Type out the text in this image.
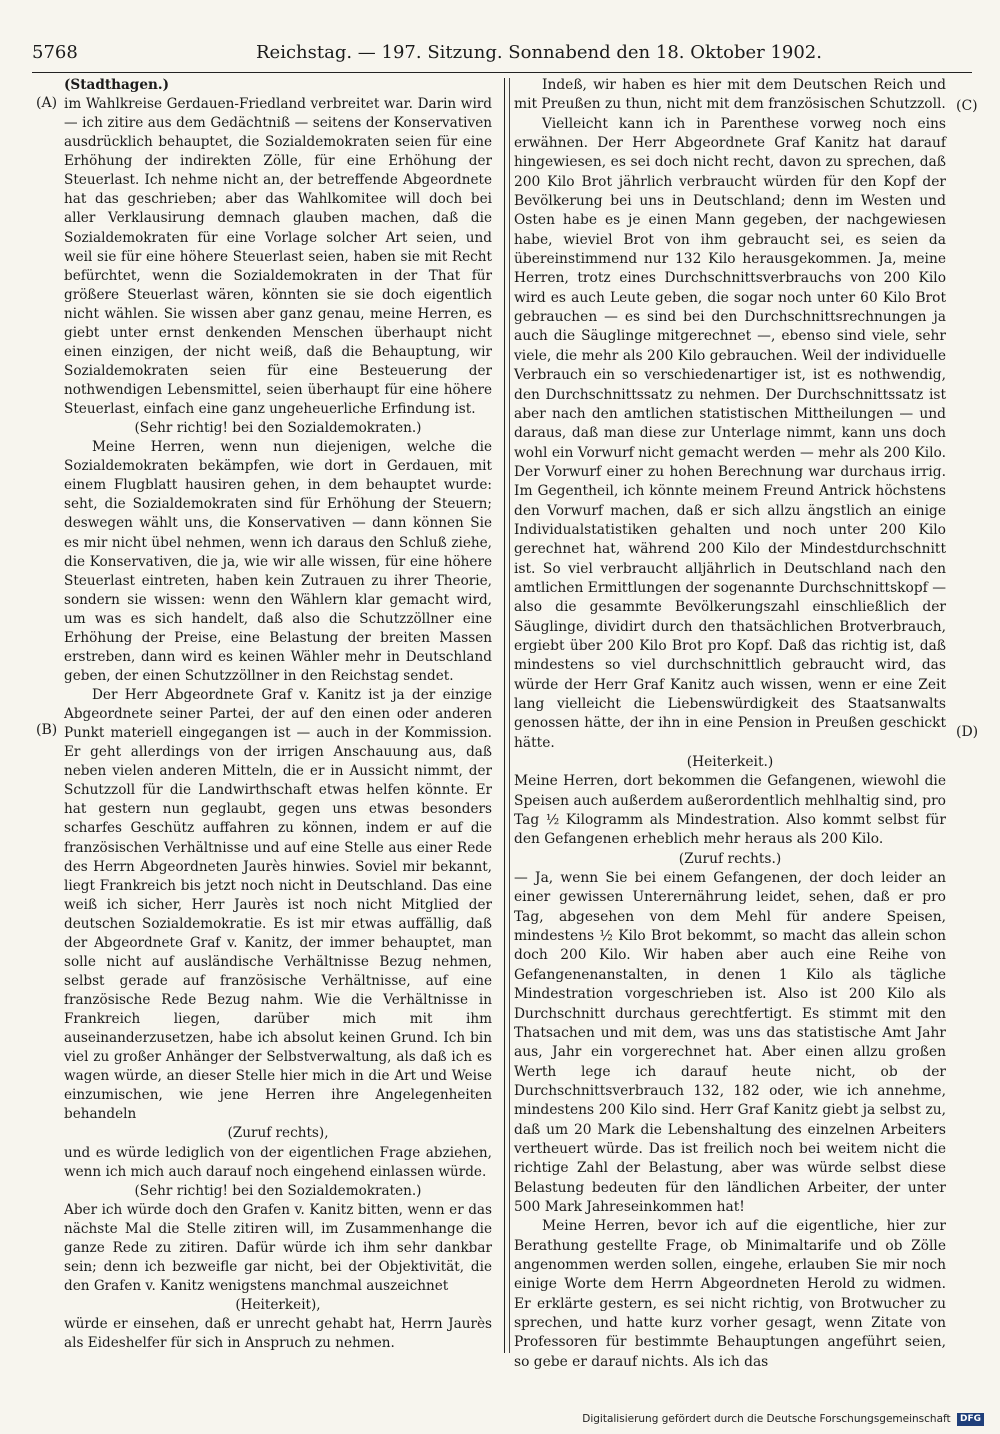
5768	Reichstag. — 197. Sitzung. Sonnabend den 18. Oktober 1902.
(A)
(B)
(C)
(D)

(Stadthagen.)

im Wahlkreise Gerdauen-Friedland verbreitet war. Darin wird — ich zitire aus dem Gedächtniß — seitens der Konservativen ausdrücklich behauptet, die Sozialdemokraten seien für eine Erhöhung der indirekten Zölle, für eine Erhöhung der Steuerlast. Ich nehme nicht an, der betreffende Abgeordnete hat das geschrieben; aber das Wahlkomitee will doch bei aller Verklausirung demnach glauben machen, daß die Sozialdemokraten für eine Vorlage solcher Art seien, und weil sie für eine höhere Steuerlast seien, haben sie mit Recht befürchtet, wenn die Sozialdemokraten in der That für größere Steuerlast wären, könnten sie sie doch eigentlich nicht wählen. Sie wissen aber ganz genau, meine Herren, es giebt unter ernst denkenden Menschen überhaupt nicht einen einzigen, der nicht weiß, daß die Behauptung, wir Sozialdemokraten seien für eine Besteuerung der nothwendigen Lebensmittel, seien überhaupt für eine höhere Steuerlast, einfach eine ganz ungeheuerliche Erfindung ist.

(Sehr richtig! bei den Sozialdemokraten.)

Meine Herren, wenn nun diejenigen, welche die Sozialdemokraten bekämpfen, wie dort in Gerdauen, mit einem Flugblatt hausiren gehen, in dem behauptet wurde: seht, die Sozialdemokraten sind für Erhöhung der Steuern; deswegen wählt uns, die Konservativen — dann können Sie es mir nicht übel nehmen, wenn ich daraus den Schluß ziehe, die Konservativen, die ja, wie wir alle wissen, für eine höhere Steuerlast eintreten, haben kein Zutrauen zu ihrer Theorie, sondern sie wissen: wenn den Wählern klar gemacht wird, um was es sich handelt, daß also die Schutzzöllner eine Erhöhung der Preise, eine Belastung der breiten Massen erstreben, dann wird es keinen Wähler mehr in Deutschland geben, der einen Schutzzöllner in den Reichstag sendet.

Der Herr Abgeordnete Graf v. Kanitz ist ja der einzige Abgeordnete seiner Partei, der auf den einen oder anderen Punkt materiell eingegangen ist — auch in der Kommission. Er geht allerdings von der irrigen Anschauung aus, daß neben vielen anderen Mitteln, die er in Aussicht nimmt, der Schutzzoll für die Landwirthschaft etwas helfen könnte. Er hat gestern nun geglaubt, gegen uns etwas besonders scharfes Geschütz auffahren zu können, indem er auf die französischen Verhältnisse und auf eine Stelle aus einer Rede des Herrn Abgeordneten Jaurès hinwies. Soviel mir bekannt, liegt Frankreich bis jetzt noch nicht in Deutschland. Das eine weiß ich sicher, Herr Jaurès ist noch nicht Mitglied der deutschen Sozialdemokratie. Es ist mir etwas auffällig, daß der Abgeordnete Graf v. Kanitz, der immer behauptet, man solle nicht auf ausländische Verhältnisse Bezug nehmen, selbst gerade auf französische Verhältnisse, auf eine französische Rede Bezug nahm. Wie die Verhältnisse in Frankreich liegen, darüber mich mit ihm auseinanderzusetzen, habe ich absolut keinen Grund. Ich bin viel zu großer Anhänger der Selbstverwaltung, als daß ich es wagen würde, an dieser Stelle hier mich in die Art und Weise einzumischen, wie jene Herren ihre Angelegenheiten behandeln

(Zuruf rechts),

und es würde lediglich von der eigentlichen Frage abziehen, wenn ich mich auch darauf noch eingehend einlassen würde.

(Sehr richtig! bei den Sozialdemokraten.)

Aber ich würde doch den Grafen v. Kanitz bitten, wenn er das nächste Mal die Stelle zitiren will, im Zusammenhange die ganze Rede zu zitiren. Dafür würde ich ihm sehr dankbar sein; denn ich bezweifle gar nicht, bei der Objektivität, die den Grafen v. Kanitz wenigstens manchmal auszeichnet

(Heiterkeit),

würde er einsehen, daß er unrecht gehabt hat, Herrn Jaurès als Eideshelfer für sich in Anspruch zu nehmen.

Indeß, wir haben es hier mit dem Deutschen Reich und mit Preußen zu thun, nicht mit dem französischen Schutzzoll.

Vielleicht kann ich in Parenthese vorweg noch eins erwähnen. Der Herr Abgeordnete Graf Kanitz hat darauf hingewiesen, es sei doch nicht recht, davon zu sprechen, daß 200 Kilo Brot jährlich verbraucht würden für den Kopf der Bevölkerung bei uns in Deutschland; denn im Westen und Osten habe es je einen Mann gegeben, der nachgewiesen habe, wieviel Brot von ihm gebraucht sei, es seien da übereinstimmend nur 132 Kilo herausgekommen. Ja, meine Herren, trotz eines Durchschnittsverbrauchs von 200 Kilo wird es auch Leute geben, die sogar noch unter 60 Kilo Brot gebrauchen — es sind bei den Durchschnittsrechnungen ja auch die Säuglinge mitgerechnet —, ebenso sind viele, sehr viele, die mehr als 200 Kilo gebrauchen. Weil der individuelle Verbrauch ein so verschiedenartiger ist, ist es nothwendig, den Durchschnittssatz zu nehmen. Der Durchschnittssatz ist aber nach den amtlichen statistischen Mittheilungen — und daraus, daß man diese zur Unterlage nimmt, kann uns doch wohl ein Vorwurf nicht gemacht werden — mehr als 200 Kilo. Der Vorwurf einer zu hohen Berechnung war durchaus irrig. Im Gegentheil, ich könnte meinem Freund Antrick höchstens den Vorwurf machen, daß er sich allzu ängstlich an einige Individualstatistiken gehalten und noch unter 200 Kilo gerechnet hat, während 200 Kilo der Mindestdurchschnitt ist. So viel verbraucht alljährlich in Deutschland nach den amtlichen Ermittlungen der sogenannte Durchschnittskopf — also die gesammte Bevölkerungszahl einschließlich der Säuglinge, dividirt durch den thatsächlichen Brotverbrauch, ergiebt über 200 Kilo Brot pro Kopf. Daß das richtig ist, daß mindestens so viel durchschnittlich gebraucht wird, das würde der Herr Graf Kanitz auch wissen, wenn er eine Zeit lang vielleicht die Liebenswürdigkeit des Staatsanwalts genossen hätte, der ihn in eine Pension in Preußen geschickt hätte.

(Heiterkeit.)

Meine Herren, dort bekommen die Gefangenen, wiewohl die Speisen auch außerdem außerordentlich mehlhaltig sind, pro Tag ½ Kilogramm als Mindestration. Also kommt selbst für den Gefangenen erheblich mehr heraus als 200 Kilo.

(Zuruf rechts.)

— Ja, wenn Sie bei einem Gefangenen, der doch leider an einer gewissen Unterernährung leidet, sehen, daß er pro Tag, abgesehen von dem Mehl für andere Speisen, mindestens ½ Kilo Brot bekommt, so macht das allein schon doch 200 Kilo. Wir haben aber auch eine Reihe von Gefangenenanstalten, in denen 1 Kilo als tägliche Mindestration vorgeschrieben ist. Also ist 200 Kilo als Durchschnitt durchaus gerechtfertigt. Es stimmt mit den Thatsachen und mit dem, was uns das statistische Amt Jahr aus, Jahr ein vorgerechnet hat. Aber einen allzu großen Werth lege ich darauf heute nicht, ob der Durchschnittsverbrauch 132, 182 oder, wie ich annehme, mindestens 200 Kilo sind. Herr Graf Kanitz giebt ja selbst zu, daß um 20 Mark die Lebenshaltung des einzelnen Arbeiters vertheuert würde. Das ist freilich noch bei weitem nicht die richtige Zahl der Belastung, aber was würde selbst diese Belastung bedeuten für den ländlichen Arbeiter, der unter 500 Mark Jahreseinkommen hat!

Meine Herren, bevor ich auf die eigentliche, hier zur Berathung gestellte Frage, ob Minimaltarife und ob Zölle angenommen werden sollen, eingehe, erlauben Sie mir noch einige Worte dem Herrn Abgeordneten Herold zu widmen. Er erklärte gestern, es sei nicht richtig, von Brotwucher zu sprechen, und hatte kurz vorher gesagt, wenn Zitate von Professoren für bestimmte Behauptungen angeführt seien, so gebe er darauf nichts. Als ich das

Digitalisierung gefördert durch die Deutsche Forschungsgemeinschaft DFG
